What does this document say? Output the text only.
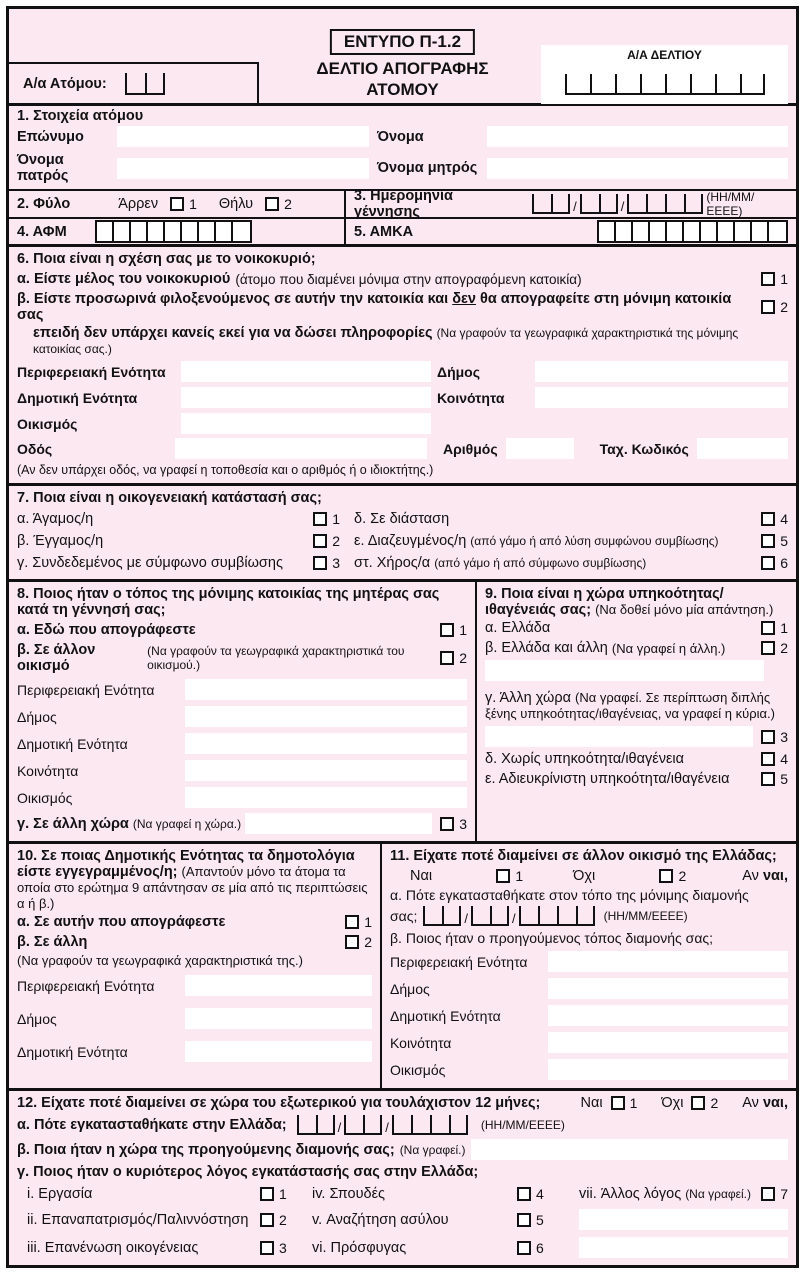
ΕΝΤΥΠΟ Π-1.2
ΔΕΛΤΙΟ ΑΠΟΓΡΑΦΗΣ
ΑΤΟΜΟΥ
Α/α Ατόμου:
Α/Α ΔΕΛΤΙΟΥ
1. Στοιχεία ατόμου
Επώνυμο	Όνομα
Όνομα πατρός	Όνομα μητρός
2. Φύλο	Άρρεν 1 Θήλυ 2	3. Ημερομηνία γέννησης
/
/
(ΗΗ/ΜΜ/ΕΕΕΕ)
4. ΑΦΜ	5. ΑΜΚΑ
6. Ποια είναι η σχέση σας με το νοικοκυριό;
α. Είστε μέλος του νοικοκυριού (άτομο που διαμένει μόνιμα στην απογραφόμενη κατοικία)	1
β. Είστε προσωρινά φιλοξενούμενος σε αυτήν την κατοικία και δεν θα απογραφείτε στη μόνιμη κατοικία σας	2
επειδή δεν υπάρχει κανείς εκεί για να δώσει πληροφορίες (Να γραφούν τα γεωγραφικά χαρακτηριστικά της μόνιμης
κατοικίας σας.)
Περιφερειακή Ενότητα	Δήμος
Δημοτική Ενότητα	Κοινότητα
Οικισμός
Οδός	Αριθμός	Ταχ. Κωδικός
(Αν δεν υπάρχει οδός, να γραφεί η τοποθεσία και ο αριθμός ή ο ιδιοκτήτης.)
7. Ποια είναι η οικογενειακή κατάστασή σας;
α. Άγαμος/η	1 δ. Σε διάσταση	4
β. Έγγαμος/η	2 ε. Διαζευγμένος/η (από γάμο ή από λύση συμφώνου συμβίωσης)	5
γ. Συνδεδεμένος με σύμφωνο συμβίωσης	3 στ. Χήρος/α (από γάμο ή από σύμφωνο συμβίωσης)	6
8. Ποιος ήταν ο τόπος της μόνιμης κατοικίας της μητέρας σας κατά τη γέννησή σας;
α. Εδώ που απογράφεστε	1
β. Σε άλλον οικισμό
(Να γραφούν τα γεωγραφικά χαρακτηριστικά του οικισμού.)	2
Περιφερειακή Ενότητα
Δήμος
Δημοτική Ενότητα
Κοινότητα
Οικισμός
γ. Σε άλλη χώρα (Να γραφεί η χώρα.)	3
9. Ποια είναι η χώρα υπηκοότητας/
ιθαγένειάς σας; (Να δοθεί μόνο μία απάντηση.)
α. Ελλάδα	1
β. Ελλάδα και άλλη (Να γραφεί η άλλη.)	2
γ. Άλλη χώρα (Να γραφεί. Σε περίπτωση διπλής ξένης υπηκοότητας/ιθαγένειας, να γραφεί η κύρια.)
3
δ. Χωρίς υπηκοότητα/ιθαγένεια	4
ε. Αδιευκρίνιστη υπηκοότητα/ιθαγένεια	5
10. Σε ποιας Δημοτικής Ενότητας τα δημοτολόγια είστε εγγεγραμμένος/η; (Απαντούν μόνο τα άτομα τα οποία στο ερώτημα 9 απάντησαν σε μία από τις περιπτώσεις α ή β.)
α. Σε αυτήν που απογράφεστε	1
β. Σε άλλη	2
(Να γραφούν τα γεωγραφικά χαρακτηριστικά της.)
Περιφερειακή Ενότητα
Δήμος
Δημοτική Ενότητα
11. Είχατε ποτέ διαμείνει σε άλλον οικισμό της Ελλάδας;
Ναι	1	Όχι	2	Αν ναι,
α. Πότε εγκατασταθήκατε στον τόπο της μόνιμης διαμονής
σας; / /	(ΗΗ/ΜΜ/ΕΕΕΕ)
β. Ποιος ήταν ο προηγούμενος τόπος διαμονής σας;
Περιφερειακή Ενότητα
Δήμος
Δημοτική Ενότητα
Κοινότητα
Οικισμός
12. Είχατε ποτέ διαμείνει σε χώρα του εξωτερικού για τουλάχιστον 12 μήνες;	Ναι 1 Όχι 2 Αν ναι,
α. Πότε εγκατασταθήκατε στην Ελλάδα; / /	(ΗΗ/ΜΜ/ΕΕΕΕ)
β. Ποια ήταν η χώρα της προηγούμενης διαμονής σας; (Να γραφεί.)
γ. Ποιος ήταν ο κυριότερος λόγος εγκατάστασής σας στην Ελλάδα;
i. Εργασία	1 iv. Σπουδές	4 vii. Άλλος λόγος (Να γραφεί.) 7
ii. Επαναπατρισμός/Παλιννόστηση	2 v. Αναζήτηση ασύλου	5
iii. Επανένωση οικογένειας	3 vi. Πρόσφυγας	6
